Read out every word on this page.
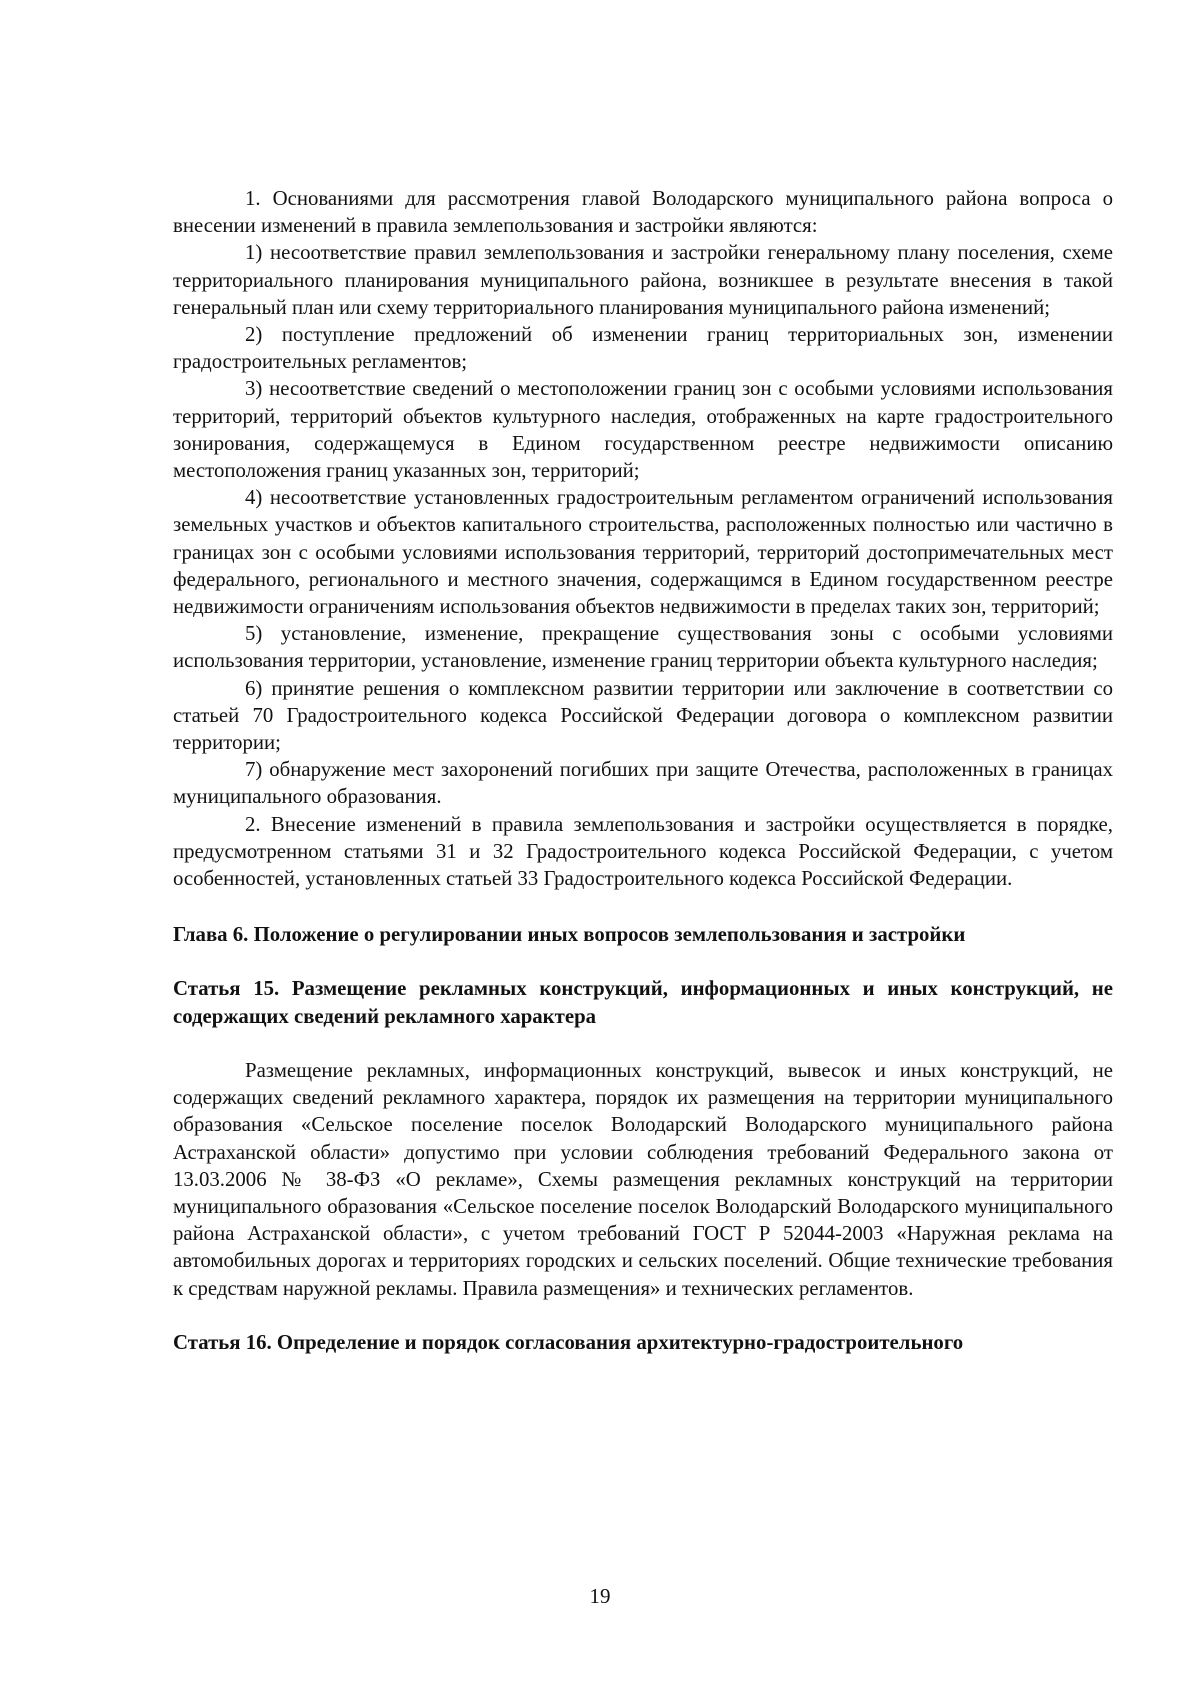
1. Основаниями для рассмотрения главой Володарского муниципального района вопроса о внесении изменений в правила землепользования и застройки являются:

1) несоответствие правил землепользования и застройки генеральному плану поселения, схеме территориального планирования муниципального района, возникшее в результате внесения в такой генеральный план или схему территориального планирования муниципального района изменений;

2) поступление предложений об изменении границ территориальных зон, изменении градостроительных регламентов;

3) несоответствие сведений о местоположении границ зон с особыми условиями использования территорий, территорий объектов культурного наследия, отображенных на карте градостроительного зонирования, содержащемуся в Едином государственном реестре недвижимости описанию местоположения границ указанных зон, территорий;

4) несоответствие установленных градостроительным регламентом ограничений использования земельных участков и объектов капитального строительства, расположенных полностью или частично в границах зон с особыми условиями использования территорий, территорий достопримечательных мест федерального, регионального и местного значения, содержащимся в Едином государственном реестре недвижимости ограничениям использования объектов недвижимости в пределах таких зон, территорий;

5) установление, изменение, прекращение существования зоны с особыми условиями использования территории, установление, изменение границ территории объекта культурного наследия;

6) принятие решения о комплексном развитии территории или заключение в соответствии со статьей 70 Градостроительного кодекса Российской Федерации договора о комплексном развитии территории;

7) обнаружение мест захоронений погибших при защите Отечества, расположенных в границах муниципального образования.

2. Внесение изменений в правила землепользования и застройки осуществляется в порядке, предусмотренном статьями 31 и 32 Градостроительного кодекса Российской Федерации, с учетом особенностей, установленных статьей 33 Градостроительного кодекса Российской Федерации.

Глава 6. Положение о регулировании иных вопросов землепользования и застройки
Статья 15. Размещение рекламных конструкций, информационных и иных конструкций, не содержащих сведений рекламного характера

Размещение рекламных, информационных конструкций, вывесок и иных конструкций, не содержащих сведений рекламного характера, порядок их размещения на территории муниципального образования «Сельское поселение поселок Володарский Володарского муниципального района Астраханской области» допустимо при условии соблюдения требований Федерального закона от 13.03.2006 № 38-ФЗ «О рекламе», Схемы размещения рекламных конструкций на территории муниципального образования «Сельское поселение поселок Володарский Володарского муниципального района Астраханской области», с учетом требований ГОСТ Р 52044-2003 «Наружная реклама на автомобильных дорогах и территориях городских и сельских поселений. Общие технические требования к средствам наружной рекламы. Правила размещения» и технических регламентов.

Статья 16. Определение и порядок согласования архитектурно-градостроительного
19
